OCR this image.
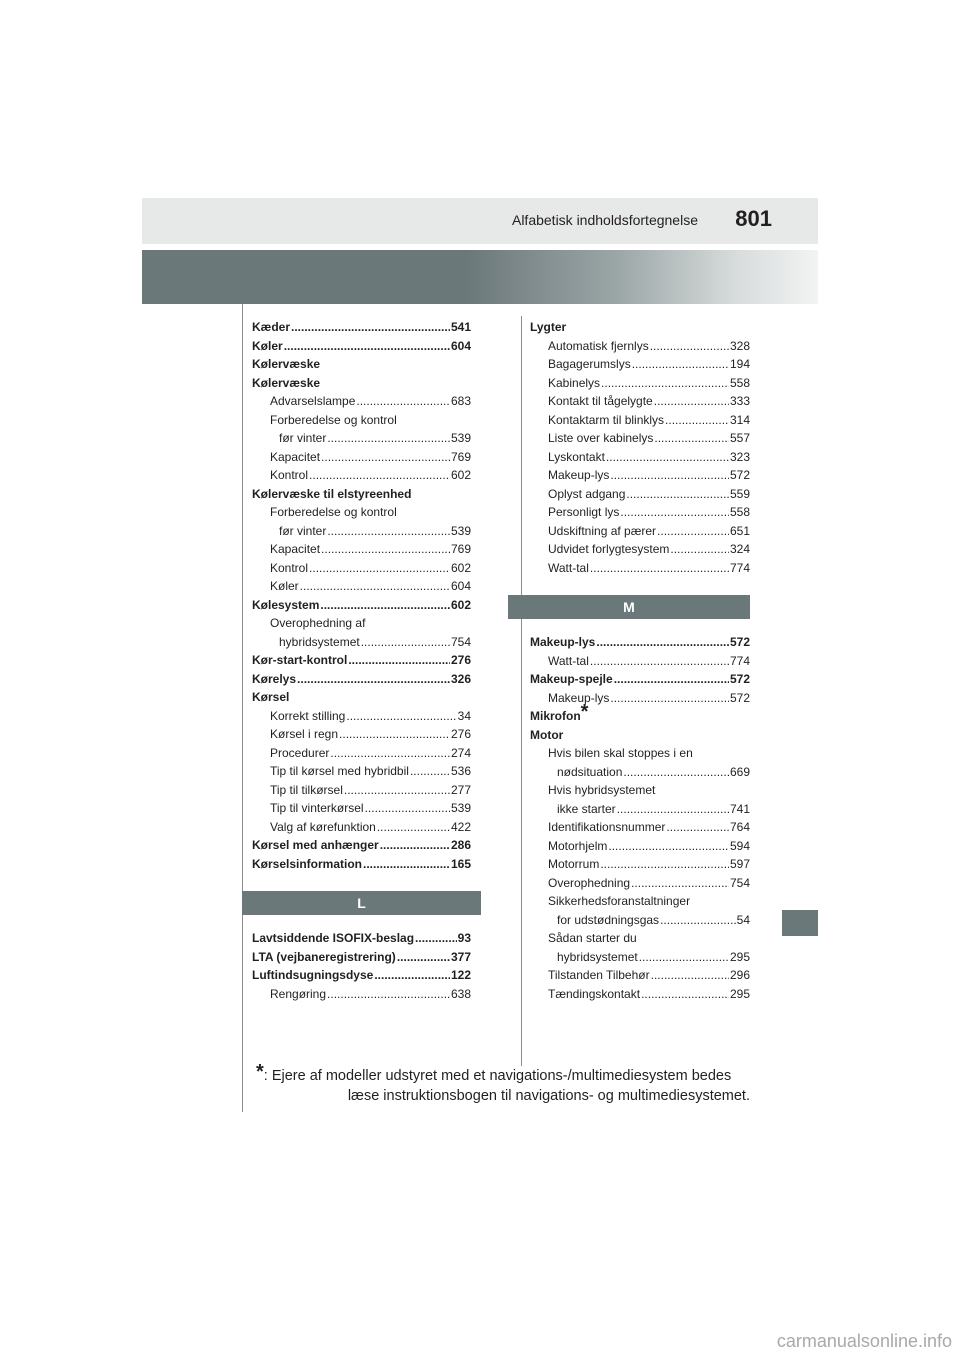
Alfabetisk indholdsfortegnelse 801
Kæder .....	541
Køler .....	604
Kølervæske
Kølervæske
Advarselslampe .....	683
Forberedelse og kontrol
før vinter .....	539
Kapacitet .....	769
Kontrol .....	602
Kølervæske til elstyreenhed
Forberedelse og kontrol
før vinter .....	539
Kapacitet .....	769
Kontrol .....	602
Køler .....	604
Kølesystem .....	602
Overophedning af
hybridsystemet .....	754
Kør-start-kontrol .....	276
Kørelys .....	326
Kørsel
Korrekt stilling .....	34
Kørsel i regn .....	276
Procedurer .....	274
Tip til kørsel med hybridbil .....	536
Tip til tilkørsel .....	277
Tip til vinterkørsel .....	539
Valg af kørefunktion .....	422
Kørsel med anhænger .....	286
Kørselsinformation .....	165
L
Lavtsiddende ISOFIX-beslag .....	93
LTA (vejbaneregistrering) .....	377
Luftindsugningsdyse .....	122
Rengøring .....	638
Lygter
Automatisk fjernlys .....	328
Bagagerumslys .....	194
Kabinelys .....	558
Kontakt til tågelygte .....	333
Kontaktarm til blinklys .....	314
Liste over kabinelys .....	557
Lyskontakt .....	323
Makeup-lys .....	572
Oplyst adgang .....	559
Personligt lys .....	558
Udskiftning af pærer .....	651
Udvidet forlygtesystem .....	324
Watt-tal .....	774
M
Makeup-lys .....	572
Watt-tal .....	774
Makeup-spejle .....	572
Makeup-lys .....	572
Mikrofon*
Motor
Hvis bilen skal stoppes i en
nødsituation .....	669
Hvis hybridsystemet
ikke starter .....	741
Identifikationsnummer .....	764
Motorhjelm .....	594
Motorrum .....	597
Overophedning .....	754
Sikkerhedsforanstaltninger
for udstødningsgas .....	54
Sådan starter du
hybridsystemet .....	295
Tilstanden Tilbehør .....	296
Tændingskontakt .....	295
*: Ejere af modeller udstyret med et navigations-/multimediesystem bedes
læse instruktionsbogen til navigations- og multimediesystemet.
carmanualsonline.info
